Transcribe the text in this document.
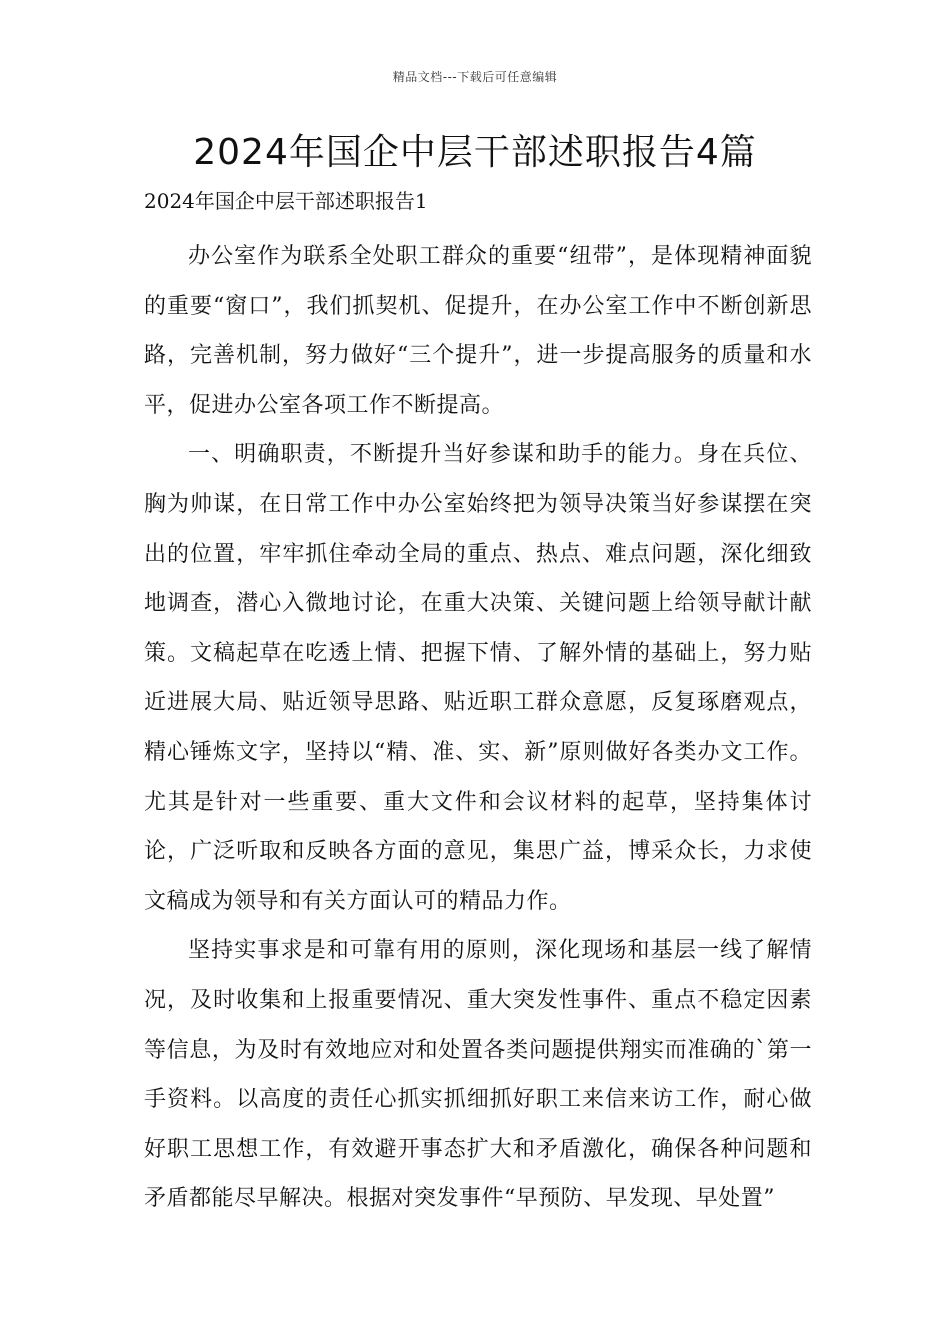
精品文档---下载后可任意编辑
2024年国企中层干部述职报告4篇
2024年国企中层干部述职报告1

办公室作为联系全处职工群众的重要“纽带”，是体现精神面貌的重要“窗口”，我们抓契机、促提升，在办公室工作中不断创新思路，完善机制，努力做好“三个提升”，进一步提高服务的质量和水平，促进办公室各项工作不断提高。

一、明确职责，不断提升当好参谋和助手的能力。身在兵位、胸为帅谋，在日常工作中办公室始终把为领导决策当好参谋摆在突出的位置，牢牢抓住牵动全局的重点、热点、难点问题，深化细致地调查，潜心入微地讨论，在重大决策、关键问题上给领导献计献策。文稿起草在吃透上情、把握下情、了解外情的基础上，努力贴近进展大局、贴近领导思路、贴近职工群众意愿，反复琢磨观点，精心锤炼文字，坚持以“精、准、实、新”原则做好各类办文工作。尤其是针对一些重要、重大文件和会议材料的起草，坚持集体讨论，广泛听取和反映各方面的意见，集思广益，博采众长，力求使文稿成为领导和有关方面认可的精品力作。

坚持实事求是和可靠有用的原则，深化现场和基层一线了解情况，及时收集和上报重要情况、重大突发性事件、重点不稳定因素等信息，为及时有效地应对和处置各类问题提供翔实而准确的`第一手资料。以高度的责任心抓实抓细抓好职工来信来访工作，耐心做好职工思想工作，有效避开事态扩大和矛盾激化，确保各种问题和矛盾都能尽早解决。根据对突发事件“早预防、早发现、早处置”
